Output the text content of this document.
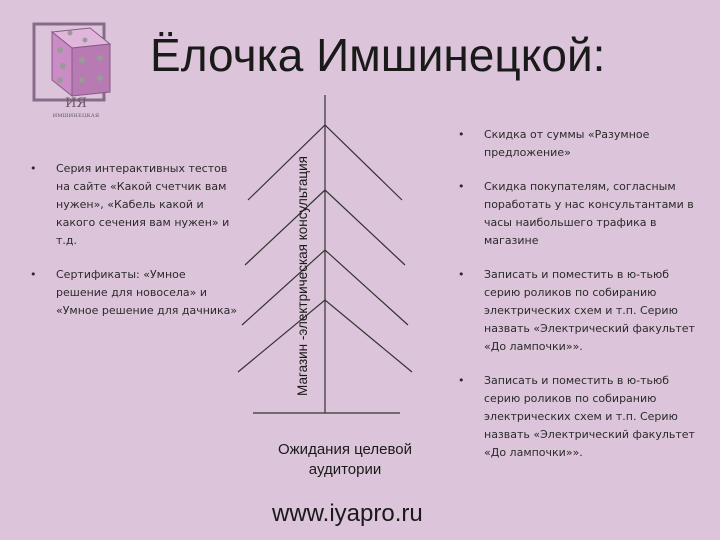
ИЯ
ИМШИНЕЦКАЯ
Ёлочка Имшинецкой:
• Серия интерактивных тестов на сайте «Какой счетчик вам нужен», «Кабель какой и какого сечения вам нужен» и т.д.
• Сертификаты: «Умное решение для новосела» и «Умное решение для дачника»	Магазин -электрическая консультация
Ожидания целевой аудитории
• Скидка от суммы «Разумное предложение»
• Скидка покупателям, согласным поработать у нас консультантами в часы наибольшего трафика в магазине
• Записать и поместить в ю-тьюб серию роликов по собиранию электрических схем и т.п. Серию назвать «Электрический факультет «До лампочки»».
• Записать и поместить в ю-тьюб серию роликов по собиранию электрических схем и т.п. Серию назвать «Электрический факультет «До лампочки»».
www.iyapro.ru
